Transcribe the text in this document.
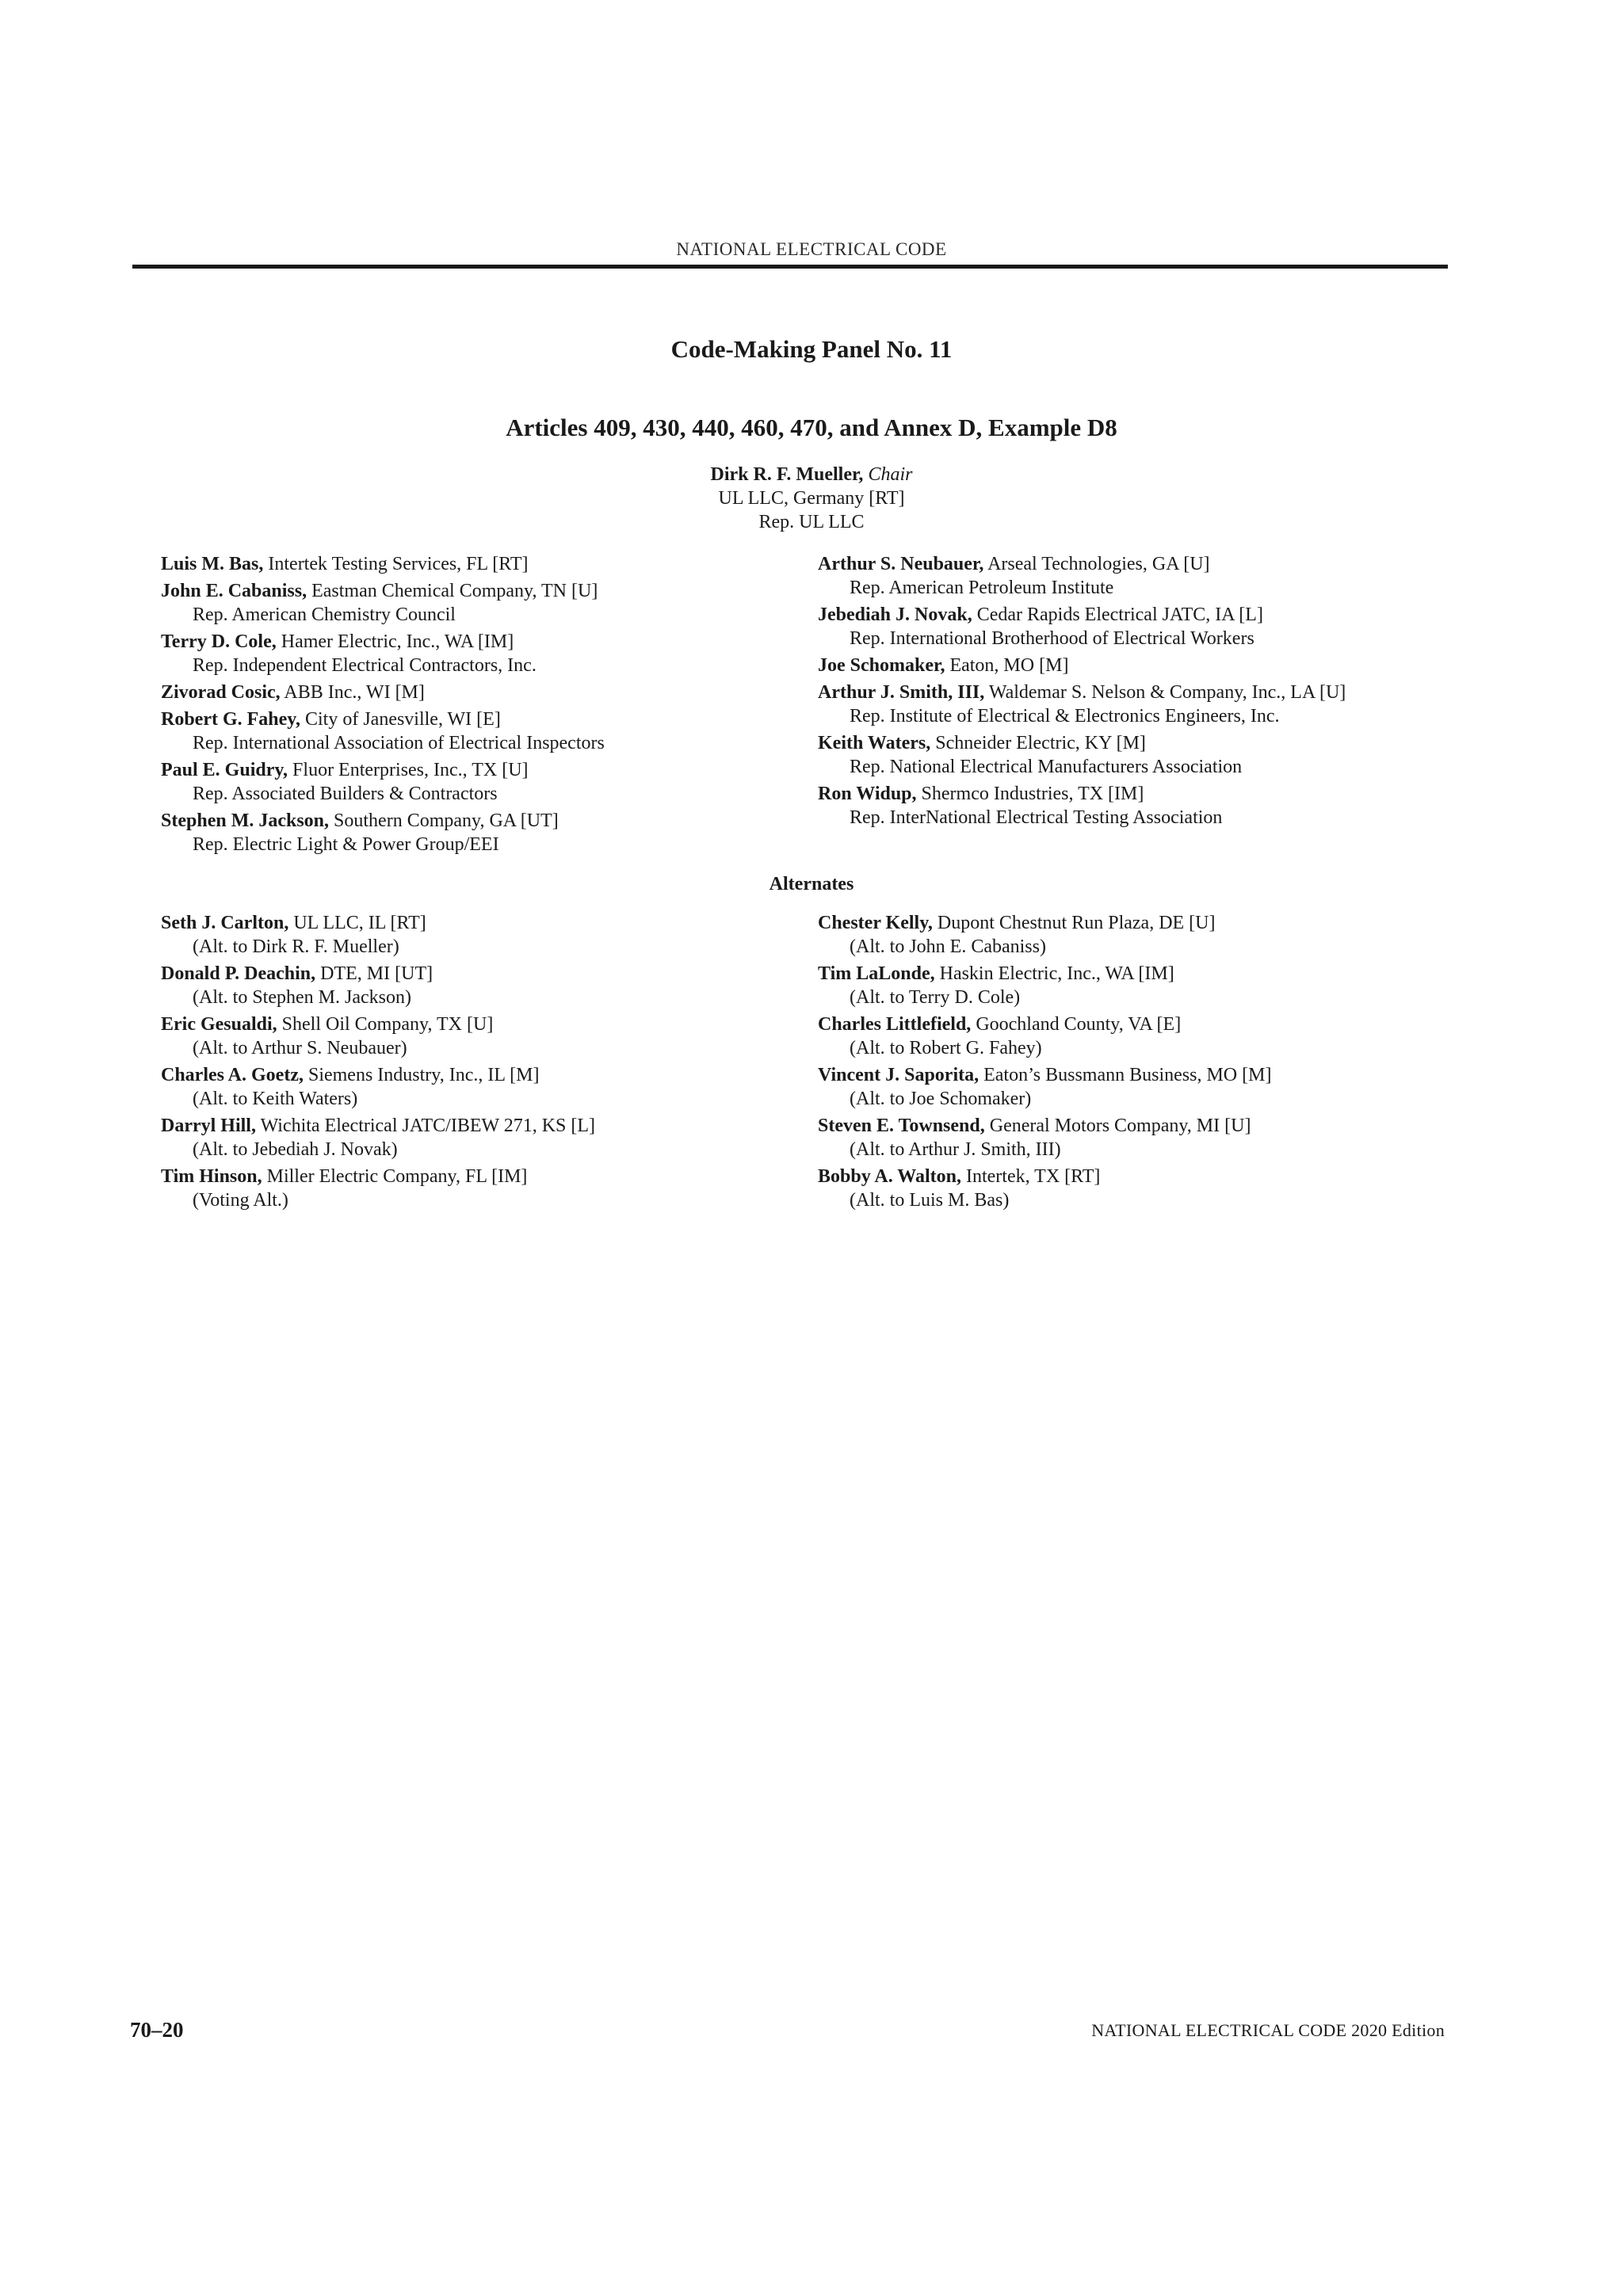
NATIONAL ELECTRICAL CODE
Code-Making Panel No. 11
Articles 409, 430, 440, 460, 470, and Annex D, Example D8
Dirk R. F. Mueller, Chair
UL LLC, Germany [RT]
Rep. UL LLC
Luis M. Bas, Intertek Testing Services, FL [RT]
John E. Cabaniss, Eastman Chemical Company, TN [U]
Rep. American Chemistry Council
Terry D. Cole, Hamer Electric, Inc., WA [IM]
Rep. Independent Electrical Contractors, Inc.
Zivorad Cosic, ABB Inc., WI [M]
Robert G. Fahey, City of Janesville, WI [E]
Rep. International Association of Electrical Inspectors
Paul E. Guidry, Fluor Enterprises, Inc., TX [U]
Rep. Associated Builders & Contractors
Stephen M. Jackson, Southern Company, GA [UT]
Rep. Electric Light & Power Group/EEI
Arthur S. Neubauer, Arseal Technologies, GA [U]
Rep. American Petroleum Institute
Jebediah J. Novak, Cedar Rapids Electrical JATC, IA [L]
Rep. International Brotherhood of Electrical Workers
Joe Schomaker, Eaton, MO [M]
Arthur J. Smith, III, Waldemar S. Nelson & Company, Inc., LA [U]
Rep. Institute of Electrical & Electronics Engineers, Inc.
Keith Waters, Schneider Electric, KY [M]
Rep. National Electrical Manufacturers Association
Ron Widup, Shermco Industries, TX [IM]
Rep. InterNational Electrical Testing Association
Alternates
Seth J. Carlton, UL LLC, IL [RT]
(Alt. to Dirk R. F. Mueller)
Donald P. Deachin, DTE, MI [UT]
(Alt. to Stephen M. Jackson)
Eric Gesualdi, Shell Oil Company, TX [U]
(Alt. to Arthur S. Neubauer)
Charles A. Goetz, Siemens Industry, Inc., IL [M]
(Alt. to Keith Waters)
Darryl Hill, Wichita Electrical JATC/IBEW 271, KS [L]
(Alt. to Jebediah J. Novak)
Tim Hinson, Miller Electric Company, FL [IM]
(Voting Alt.)
Chester Kelly, Dupont Chestnut Run Plaza, DE [U]
(Alt. to John E. Cabaniss)
Tim LaLonde, Haskin Electric, Inc., WA [IM]
(Alt. to Terry D. Cole)
Charles Littlefield, Goochland County, VA [E]
(Alt. to Robert G. Fahey)
Vincent J. Saporita, Eaton’s Bussmann Business, MO [M]
(Alt. to Joe Schomaker)
Steven E. Townsend, General Motors Company, MI [U]
(Alt. to Arthur J. Smith, III)
Bobby A. Walton, Intertek, TX [RT]
(Alt. to Luis M. Bas)
70–20	NATIONAL ELECTRICAL CODE 2020 Edition
